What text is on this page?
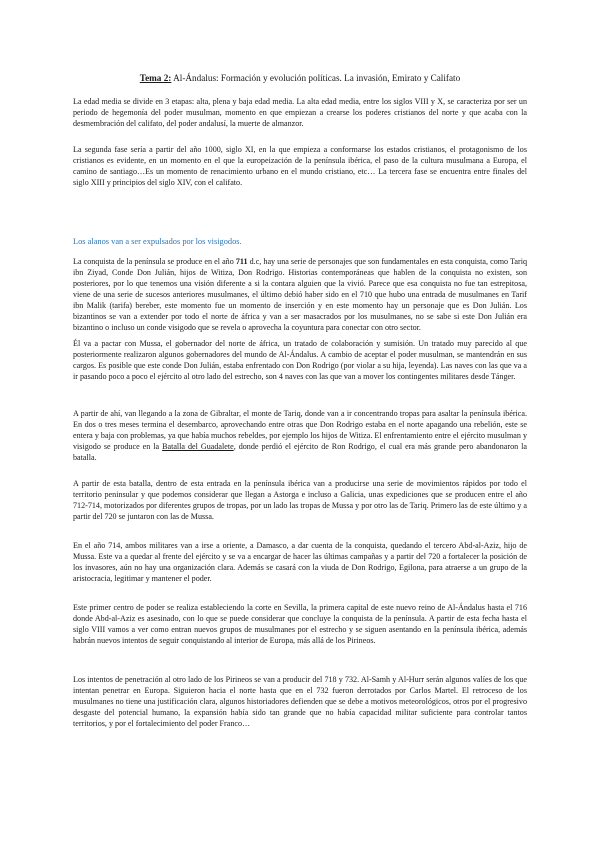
Tema 2: Al-Ándalus: Formación y evolución políticas. La invasión, Emirato y Califato

La edad media se divide en 3 etapas: alta, plena y baja edad media. La alta edad media, entre los siglos VIII y X, se caracteriza por ser un periodo de hegemonía del poder musulman, momento en que empiezan a crearse los poderes cristianos del norte y que acaba con la desmembración del califato, del poder andalusí, la muerte de almanzor.

La segunda fase sería a partir del año 1000, siglo XI, en la que empieza a conformarse los estados cristianos, el protagonismo de los cristianos es evidente, en un momento en el que la europeización de la península ibérica, el paso de la cultura musulmana a Europa, el camino de santiago…Es un momento de renacimiento urbano en el mundo cristiano, etc… La tercera fase se encuentra entre finales del siglo XIII y principios del siglo XIV, con el califato.

Los alanos van a ser expulsados por los visigodos.

La conquista de la península se produce en el año 711 d.c, hay una serie de personajes que son fundamentales en esta conquista, como Tariq ibn Ziyad, Conde Don Julián, hijos de Witiza, Don Rodrigo. Historias contemporáneas que hablen de la conquista no existen, son posteriores, por lo que tenemos una visión diferente a si la contara alguien que la vivió. Parece que esa conquista no fue tan estrepitosa, viene de una serie de sucesos anteriores musulmanes, el último debió haber sido en el 710 que hubo una entrada de musulmanes en Tarif ibn Malik (tarifa) bereber, este momento fue un momento de inserción y en este momento hay un personaje que es Don Julián. Los bizantinos se van a extender por todo el norte de áfrica y van a ser masacrados por los musulmanes, no se sabe si este Don Julián era bizantino o incluso un conde visigodo que se revela o aprovecha la coyuntura para conectar con otro sector.

Él va a pactar con Mussa, el gobernador del norte de áfrica, un tratado de colaboración y sumisión. Un tratado muy parecido al que posteriormente realizaron algunos gobernadores del mundo de Al-Ándalus. A cambio de aceptar el poder musulman, se mantendrán en sus cargos. Es posible que este conde Don Julián, estaba enfrentado con Don Rodrigo (por violar a su hija, leyenda). Las naves con las que va a ir pasando poco a poco el ejército al otro lado del estrecho, son 4 naves con las que van a mover los contingentes militares desde Tánger.

A partir de ahí, van llegando a la zona de Gibraltar, el monte de Tariq, donde van a ir concentrando tropas para asaltar la península ibérica. En dos o tres meses termina el desembarco, aprovechando entre otras que Don Rodrigo estaba en el norte apagando una rebelión, este se entera y baja con problemas, ya que había muchos rebeldes, por ejemplo los hijos de Witiza. El enfrentamiento entre el ejército musulman y visigodo se produce en la Batalla del Guadalete, donde perdió el ejército de Ron Rodrigo, el cual era más grande pero abandonaron la batalla.

A partir de esta batalla, dentro de esta entrada en la península ibérica van a producirse una serie de movimientos rápidos por todo el territorio peninsular y que podemos considerar que llegan a Astorga e incluso a Galicia, unas expediciones que se producen entre el año 712-714, motorizados por diferentes grupos de tropas, por un lado las tropas de Mussa y por otro las de Tariq. Primero las de este último y a partir del 720 se juntaron con las de Mussa.

En el año 714, ambos militares van a irse a oriente, a Damasco, a dar cuenta de la conquista, quedando el tercero Abd-al-Aziz, hijo de Mussa. Este va a quedar al frente del ejército y se va a encargar de hacer las últimas campañas y a partir del 720 a fortalecer la posición de los invasores, aún no hay una organización clara. Además se casará con la viuda de Don Rodrigo, Egilona, para atraerse a un grupo de la aristocracia, legitimar y mantener el poder.

Este primer centro de poder se realiza estableciendo la corte en Sevilla, la primera capital de este nuevo reino de Al-Ándalus hasta el 716 donde Abd-al-Aziz es asesinado, con lo que se puede considerar que concluye la conquista de la península. A partir de esta fecha hasta el siglo VIII vamos a ver como entran nuevos grupos de musulmanes por el estrecho y se siguen asentando en la península ibérica, además habrán nuevos intentos de seguir conquistando al interior de Europa, más allá de los Pirineos.

Los intentos de penetración al otro lado de los Pirineos se van a producir del 718 y 732. Al-Samh y Al-Hurr serán algunos valíes de los que intentan penetrar en Europa. Siguieron hacia el norte hasta que en el 732 fueron derrotados por Carlos Martel. El retroceso de los musulmanes no tiene una justificación clara, algunos historiadores defienden que se debe a motivos meteorológicos, otros por el progresivo desgaste del potencial humano, la expansión había sido tan grande que no había capacidad militar suficiente para controlar tantos territorios, y por el fortalecimiento del poder Franco…
